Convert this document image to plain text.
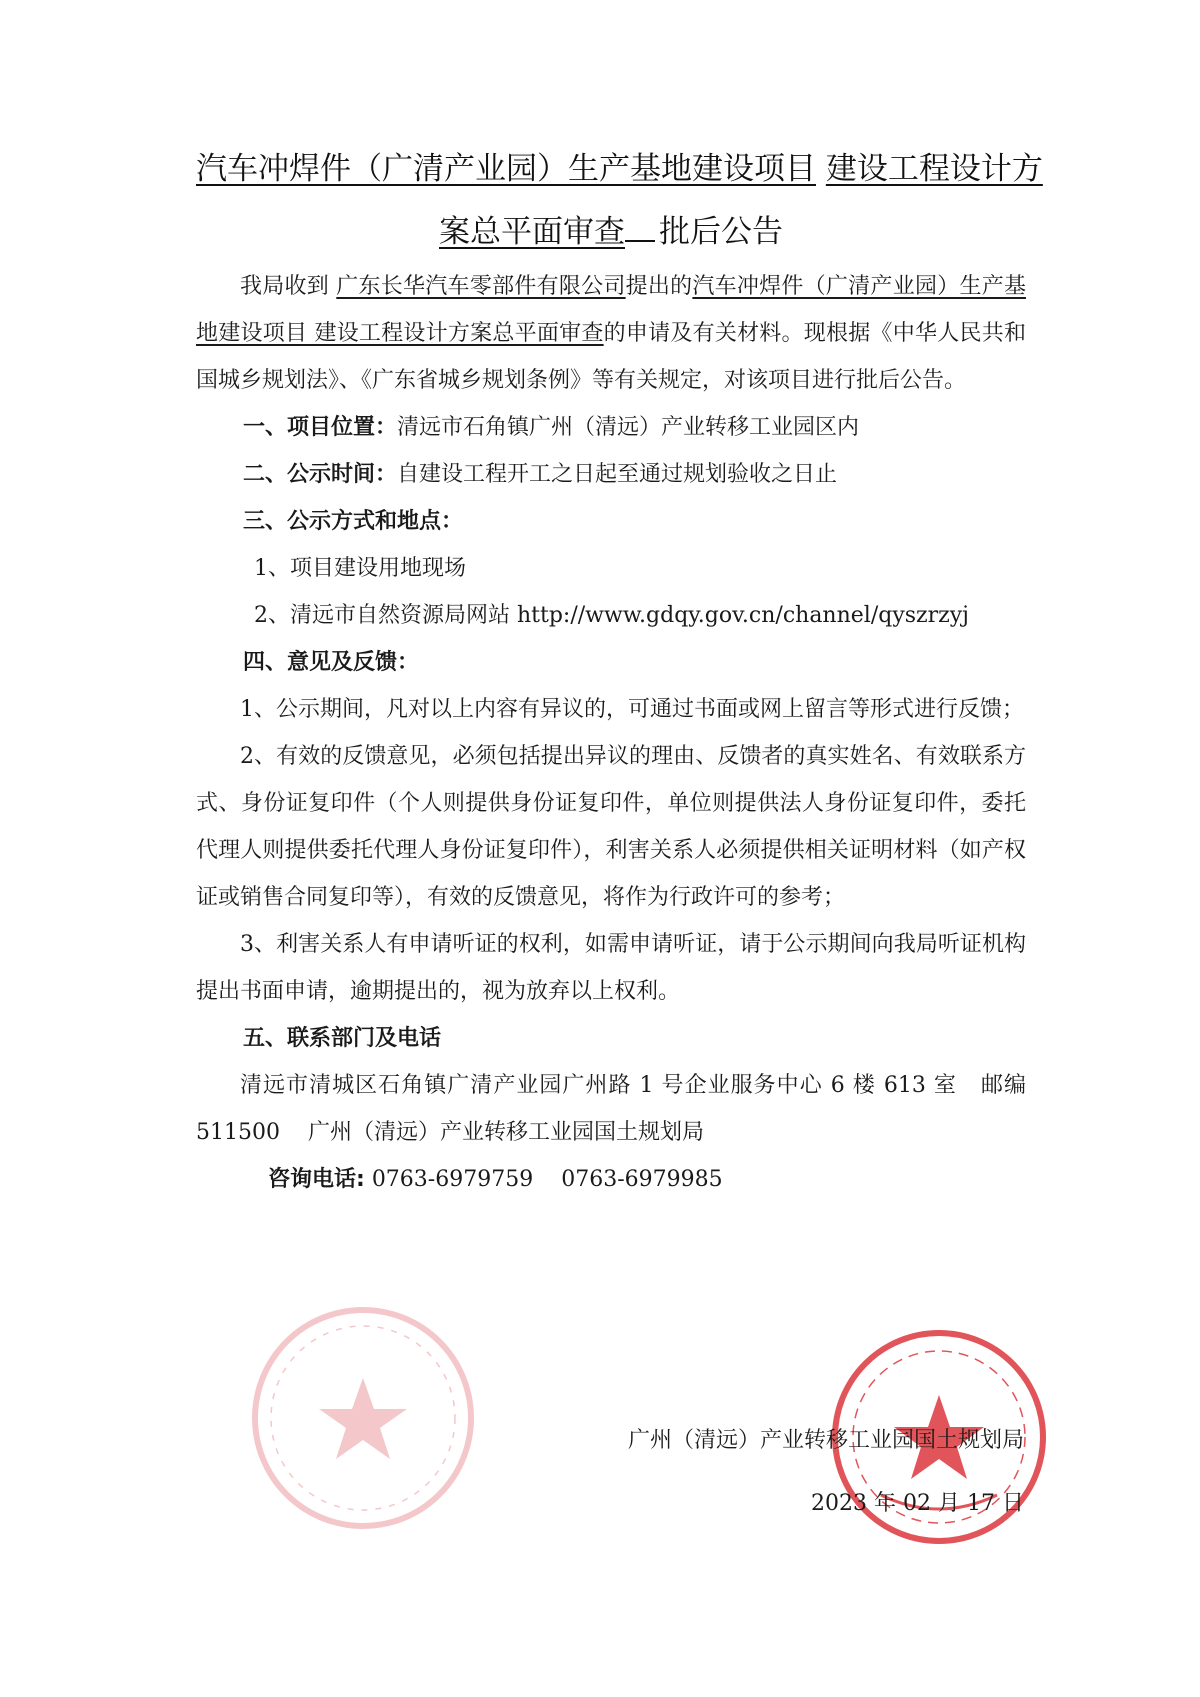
汽车冲焊件（广清产业园）生产基地建设项目 建设工程设计方
案总平面审查 批后公告
我局收到 广东长华汽车零部件有限公司提出的汽车冲焊件（广清产业园）生产基地建设项目 建设工程设计方案总平面审查的申请及有关材料。现根据《中华人民共和国城乡规划法》、《广东省城乡规划条例》等有关规定，对该项目进行批后公告。
一、项目位置：清远市石角镇广州（清远）产业转移工业园区内
二、公示时间：自建设工程开工之日起至通过规划验收之日止
三、公示方式和地点：
1、项目建设用地现场
2、清远市自然资源局网站 http://www.gdqy.gov.cn/channel/qyszrzyj
四、意见及反馈：
1、公示期间，凡对以上内容有异议的，可通过书面或网上留言等形式进行反馈；
2、有效的反馈意见，必须包括提出异议的理由、反馈者的真实姓名、有效联系方式、身份证复印件（个人则提供身份证复印件，单位则提供法人身份证复印件，委托代理人则提供委托代理人身份证复印件），利害关系人必须提供相关证明材料（如产权证或销售合同复印等），有效的反馈意见，将作为行政许可的参考；
3、利害关系人有申请听证的权利，如需申请听证，请于公示期间向我局听证机构提出书面申请，逾期提出的，视为放弃以上权利。
五、联系部门及电话
清远市清城区石角镇广清产业园广州路 1 号企业服务中心 6 楼 613 室 邮编511500 广州（清远）产业转移工业园国土规划局
咨询电话: 0763-6979759 0763-6979985
广州（清远）产业转移工业园国土规划局
2023 年 02 月 17 日
